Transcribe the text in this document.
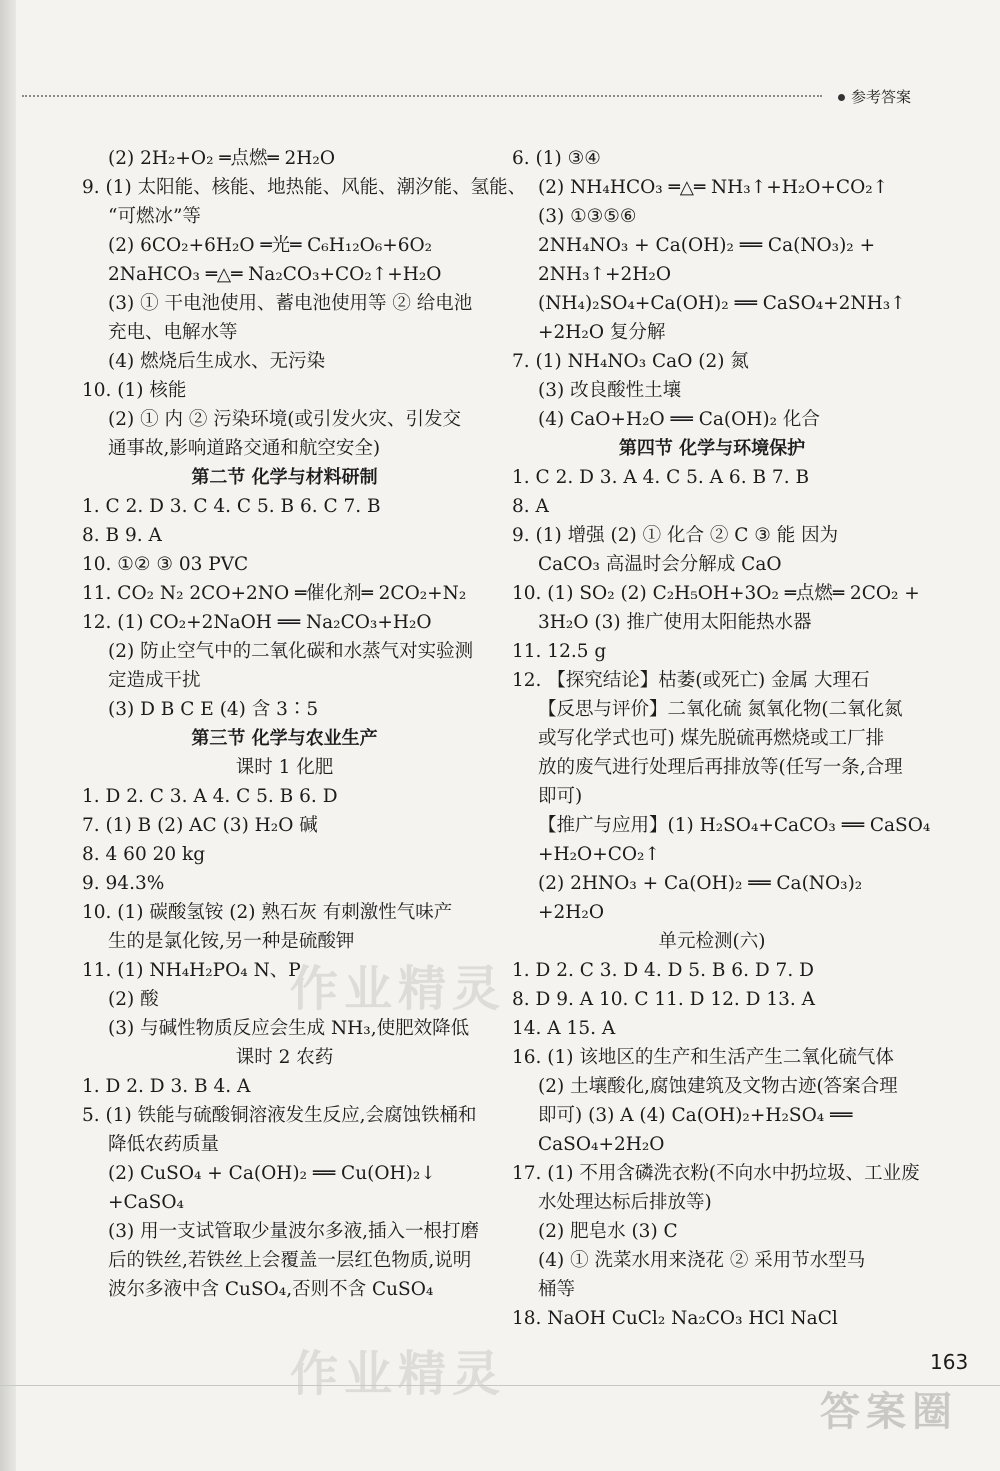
参考答案

(2) 2H₂+O₂ ═点燃═ 2H₂O

9. (1) 太阳能、核能、地热能、风能、潮汐能、氢能、

“可燃冰”等

(2) 6CO₂+6H₂O ═光═ C₆H₁₂O₆+6O₂

2NaHCO₃ ═△═ Na₂CO₃+CO₂↑+H₂O

(3) ① 干电池使用、蓄电池使用等 ② 给电池

充电、电解水等

(4) 燃烧后生成水、无污染

10. (1) 核能

(2) ① 内 ② 污染环境(或引发火灾、引发交

通事故,影响道路交通和航空安全)

第二节 化学与材料研制

1. C 2. D 3. C 4. C 5. B 6. C 7. B

8. B 9. A

10. ①② ③ 03 PVC

11. CO₂ N₂ 2CO+2NO ═催化剂═ 2CO₂+N₂

12. (1) CO₂+2NaOH ══ Na₂CO₃+H₂O

(2) 防止空气中的二氧化碳和水蒸气对实验测

定造成干扰

(3) D B C E (4) 含 3∶5

第三节 化学与农业生产

课时 1 化肥

1. D 2. C 3. A 4. C 5. B 6. D

7. (1) B (2) AC (3) H₂O 碱

8. 4 60 20 kg

9. 94.3%

10. (1) 碳酸氢铵 (2) 熟石灰 有刺激性气味产

生的是氯化铵,另一种是硫酸钾

11. (1) NH₄H₂PO₄ N、P

(2) 酸

(3) 与碱性物质反应会生成 NH₃,使肥效降低

课时 2 农药

1. D 2. D 3. B 4. A

5. (1) 铁能与硫酸铜溶液发生反应,会腐蚀铁桶和

降低农药质量

(2) CuSO₄ + Ca(OH)₂ ══ Cu(OH)₂↓

+CaSO₄

(3) 用一支试管取少量波尔多液,插入一根打磨

后的铁丝,若铁丝上会覆盖一层红色物质,说明

波尔多液中含 CuSO₄,否则不含 CuSO₄

6. (1) ③④

(2) NH₄HCO₃ ═△═ NH₃↑+H₂O+CO₂↑

(3) ①③⑤⑥

2NH₄NO₃ + Ca(OH)₂ ══ Ca(NO₃)₂ +

2NH₃↑+2H₂O

(NH₄)₂SO₄+Ca(OH)₂ ══ CaSO₄+2NH₃↑

+2H₂O 复分解

7. (1) NH₄NO₃ CaO (2) 氮

(3) 改良酸性土壤

(4) CaO+H₂O ══ Ca(OH)₂ 化合

第四节 化学与环境保护

1. C 2. D 3. A 4. C 5. A 6. B 7. B

8. A

9. (1) 增强 (2) ① 化合 ② C ③ 能 因为

CaCO₃ 高温时会分解成 CaO

10. (1) SO₂ (2) C₂H₅OH+3O₂ ═点燃═ 2CO₂ +

3H₂O (3) 推广使用太阳能热水器

11. 12.5 g

12. 【探究结论】枯萎(或死亡) 金属 大理石

【反思与评价】二氧化硫 氮氧化物(二氧化氮

或写化学式也可) 煤先脱硫再燃烧或工厂排

放的废气进行处理后再排放等(任写一条,合理

即可)

【推广与应用】(1) H₂SO₄+CaCO₃ ══ CaSO₄

+H₂O+CO₂↑

(2) 2HNO₃ + Ca(OH)₂ ══ Ca(NO₃)₂

+2H₂O

单元检测(六)

1. D 2. C 3. D 4. D 5. B 6. D 7. D

8. D 9. A 10. C 11. D 12. D 13. A

14. A 15. A

16. (1) 该地区的生产和生活产生二氧化硫气体

(2) 土壤酸化,腐蚀建筑及文物古迹(答案合理

即可) (3) A (4) Ca(OH)₂+H₂SO₄ ══

CaSO₄+2H₂O

17. (1) 不用含磷洗衣粉(不向水中扔垃圾、工业废

水处理达标后排放等)

(2) 肥皂水 (3) C

(4) ① 洗菜水用来浇花 ② 采用节水型马

桶等

18. NaOH CuCl₂ Na₂CO₃ HCl NaCl

作业精灵
作业精灵
答案圈
163
